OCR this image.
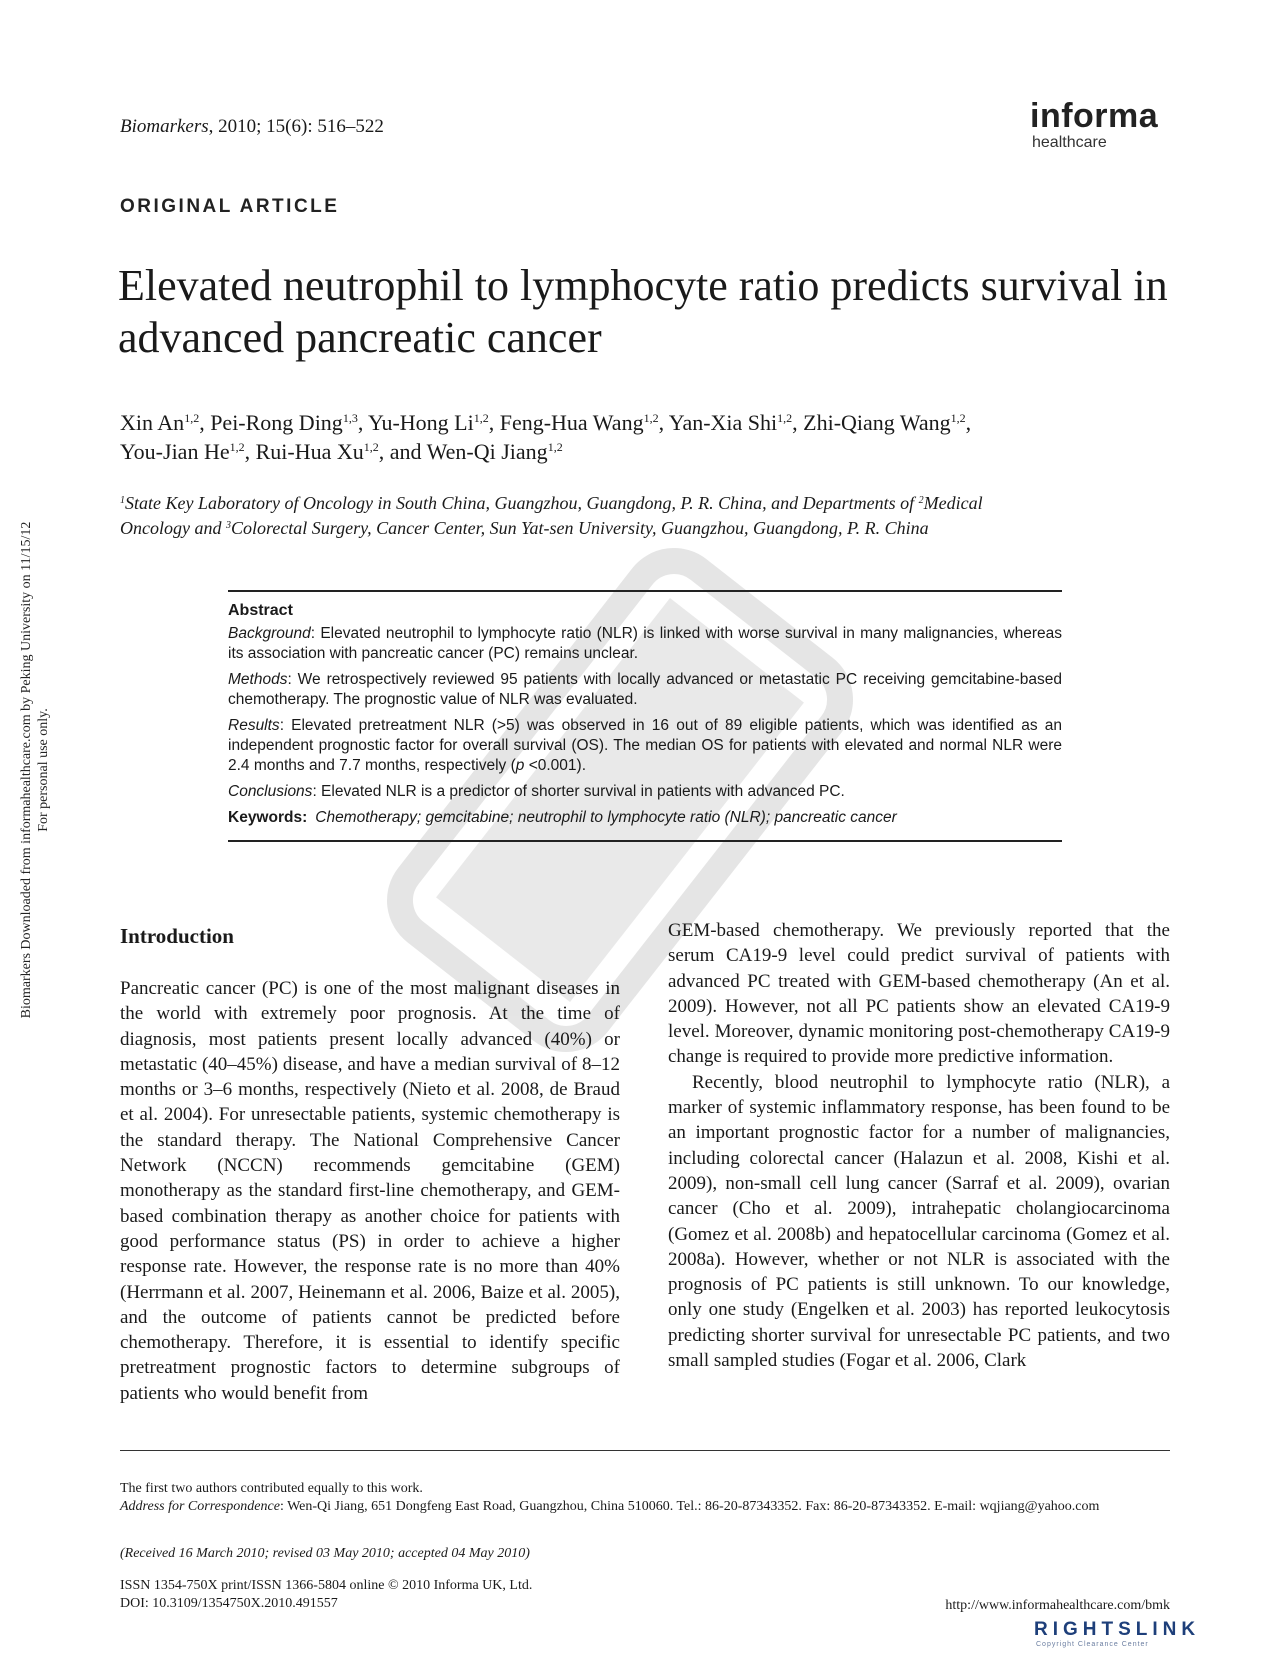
Biomarkers Downloaded from informahealthcare.com by Peking University on 11/15/12 For personal use only.
Biomarkers, 2010; 15(6): 516–522	informa
healthcare
ORIGINAL ARTICLE
Elevated neutrophil to lymphocyte ratio predicts survival in advanced pancreatic cancer
Xin An$^{1,2}$, Pei-Rong Ding$^{1,3}$, Yu-Hong Li$^{1,2}$, Feng-Hua Wang$^{1,2}$, Yan-Xia Shi$^{1,2}$, Zhi-Qiang Wang$^{1,2}$,
You-Jian He$^{1,2}$, Rui-Hua Xu$^{1,2}$, and Wen-Qi Jiang$^{1,2}$
$^1$State Key Laboratory of Oncology in South China, Guangzhou, Guangdong, P. R. China, and Departments of $^2$Medical
Oncology and $^3$Colorectal Surgery, Cancer Center, Sun Yat-sen University, Guangzhou, Guangdong, P. R. China
Abstract
Background: Elevated neutrophil to lymphocyte ratio (NLR) is linked with worse survival in many malignancies, whereas its association with pancreatic cancer (PC) remains unclear.
Methods: We retrospectively reviewed 95 patients with locally advanced or metastatic PC receiving gemcitabine-based chemotherapy. The prognostic value of NLR was evaluated.
Results: Elevated pretreatment NLR (>5) was observed in 16 out of 89 eligible patients, which was identified as an independent prognostic factor for overall survival (OS). The median OS for patients with elevated and normal NLR were 2.4 months and 7.7 months, respectively (p <0.001).
Conclusions: Elevated NLR is a predictor of shorter survival in patients with advanced PC.
Keywords: Chemotherapy; gemcitabine; neutrophil to lymphocyte ratio (NLR); pancreatic cancer
Introduction

Pancreatic cancer (PC) is one of the most malignant diseases in the world with extremely poor prognosis. At the time of diagnosis, most patients present locally advanced (40%) or metastatic (40–45%) disease, and have a median survival of 8–12 months or 3–6 months, respectively (Nieto et al. 2008, de Braud et al. 2004). For unresectable patients, systemic chemotherapy is the standard therapy. The National Comprehensive Cancer Network (NCCN) recommends gemcitabine (GEM) monotherapy as the standard first-line chemotherapy, and GEM-based combination therapy as another choice for patients with good performance status (PS) in order to achieve a higher response rate. However, the response rate is no more than 40% (Herrmann et al. 2007, Heinemann et al. 2006, Baize et al. 2005), and the outcome of patients cannot be predicted before chemotherapy. Therefore, it is essential to identify specific pretreatment prognostic factors to determine subgroups of patients who would benefit from

GEM-based chemotherapy. We previously reported that the serum CA19-9 level could predict survival of patients with advanced PC treated with GEM-based chemotherapy (An et al. 2009). However, not all PC patients show an elevated CA19-9 level. Moreover, dynamic monitoring post-chemotherapy CA19-9 change is required to provide more predictive information.

Recently, blood neutrophil to lymphocyte ratio (NLR), a marker of systemic inflammatory response, has been found to be an important prognostic factor for a number of malignancies, including colorectal cancer (Halazun et al. 2008, Kishi et al. 2009), non-small cell lung cancer (Sarraf et al. 2009), ovarian cancer (Cho et al. 2009), intrahepatic cholangiocarcinoma (Gomez et al. 2008b) and hepatocellular carcinoma (Gomez et al. 2008a). However, whether or not NLR is associated with the prognosis of PC patients is still unknown. To our knowledge, only one study (Engelken et al. 2003) has reported leukocytosis predicting shorter survival for unresectable PC patients, and two small sampled studies (Fogar et al. 2006, Clark

The first two authors contributed equally to this work.
Address for Correspondence: Wen-Qi Jiang, 651 Dongfeng East Road, Guangzhou, China 510060. Tel.: 86-20-87343352. Fax: 86-20-87343352. E-mail: wqjiang@yahoo.com
(Received 16 March 2010; revised 03 May 2010; accepted 04 May 2010)
ISSN 1354-750X print/ISSN 1366-5804 online © 2010 Informa UK, Ltd.
DOI: 10.3109/1354750X.2010.491557	http://www.informahealthcare.com/bmk
RIGHTSLINK
Copyright Clearance Center
